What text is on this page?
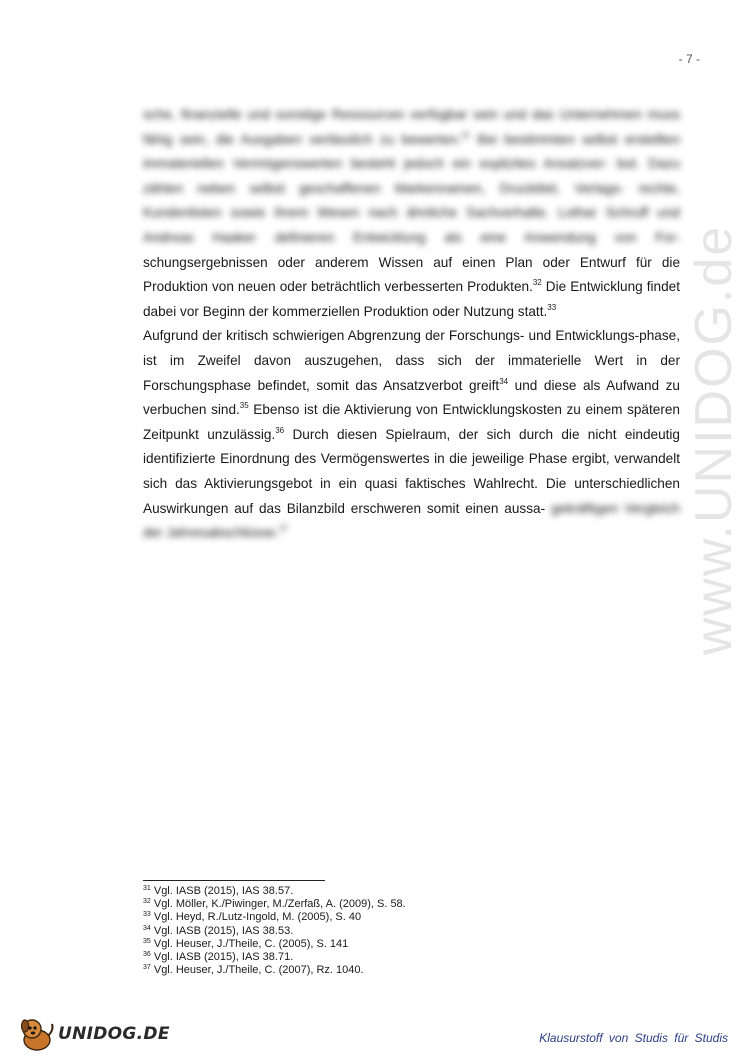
- 7 -

sche, finanzielle und sonstige Ressourcen verfügbar sein und das Unternehmen muss fähig sein, die Ausgaben verlässlich zu bewerten.$^{31}$ Bei bestimmten selbst erstellten immateriellen Vermögenswerten besteht jedoch ein explizites Ansatzver- bot. Dazu zählen neben selbst geschaffenen Markennamen, Drucktitel, Verlags- rechte, Kundenlisten sowie ihrem Wesen nach ähnliche Sachverhalte. Lothar Schruff und Andreas Haaker definieren Entwicklung als eine Anwendung von For- schungsergebnissen oder anderem Wissen auf einen Plan oder Entwurf für die Produktion von neuen oder beträchtlich verbesserten Produkten.$^{32}$ Die Entwicklung findet dabei vor Beginn der kommerziellen Produktion oder Nutzung statt.$^{33}$

Aufgrund der kritisch schwierigen Abgrenzung der Forschungs- und Entwicklungs-phase, ist im Zweifel davon auszugehen, dass sich der immaterielle Wert in der Forschungsphase befindet, somit das Ansatzverbot greift$^{34}$ und diese als Aufwand zu verbuchen sind.$^{35}$ Ebenso ist die Aktivierung von Entwicklungskosten zu einem späteren Zeitpunkt unzulässig.$^{36}$ Durch diesen Spielraum, der sich durch die nicht eindeutig identifizierte Einordnung des Vermögenswertes in die jeweilige Phase ergibt, verwandelt sich das Aktivierungsgebot in ein quasi faktisches Wahlrecht. Die unterschiedlichen Auswirkungen auf das Bilanzbild erschweren somit einen aussa- gekräftigen Vergleich der Jahresabschlüsse.$^{37}$	www.UNIDOG.de
$^{31}$ Vgl. IASB (2015), IAS 38.57.
$^{32}$ Vgl. Möller, K./Piwinger, M./Zerfaß, A. (2009), S. 58.
$^{33}$ Vgl. Heyd, R./Lutz-Ingold, M. (2005), S. 40
$^{34}$ Vgl. IASB (2015), IAS 38.53.
$^{35}$ Vgl. Heuser, J./Theile, C. (2005), S. 141
$^{36}$ Vgl. IASB (2015), IAS 38.71.
$^{37}$ Vgl. Heuser, J./Theile, C. (2007), Rz. 1040.
UNIDOG.DE	Klausurstoff von Studis für Studis
